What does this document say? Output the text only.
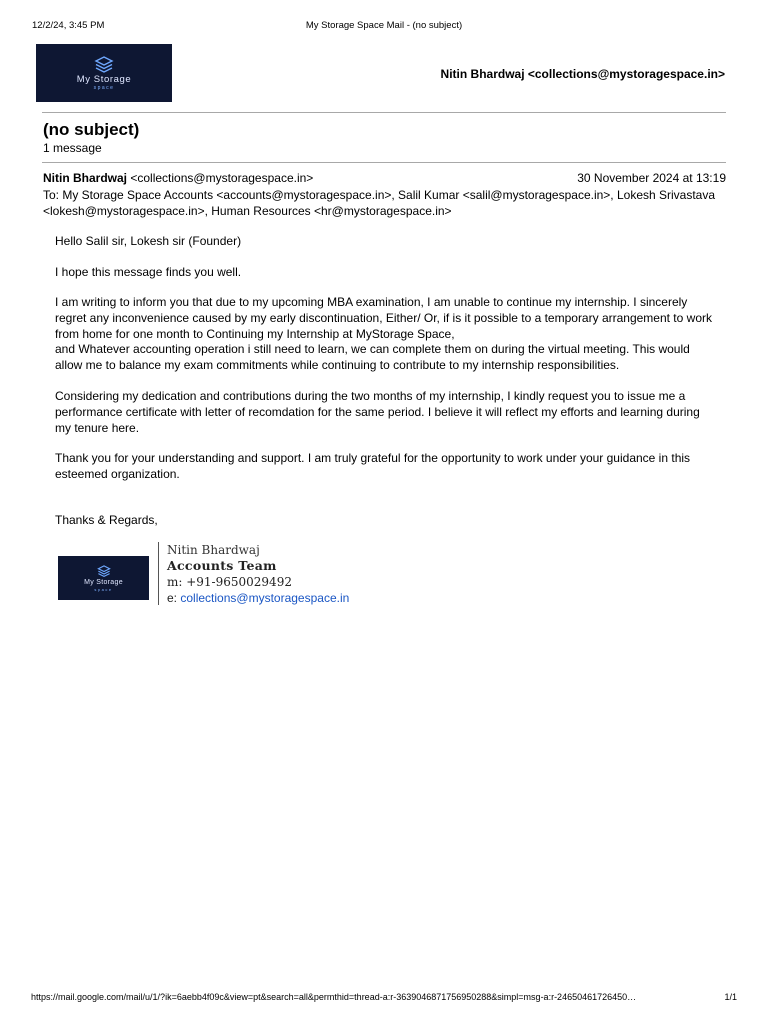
12/2/24, 3:45 PM	My Storage Space Mail - (no subject)
My Storage
space
Nitin Bhardwaj <collections@mystoragespace.in>
(no subject)
1 message
Nitin Bhardwaj <collections@mystoragespace.in>	30 November 2024 at 13:19
To: My Storage Space Accounts <accounts@mystoragespace.in>, Salil Kumar <salil@mystoragespace.in>, Lokesh Srivastava <lokesh@mystoragespace.in>, Human Resources <hr@mystoragespace.in>
Hello Salil sir, Lokesh sir (Founder)
I hope this message finds you well.

I am writing to inform you that due to my upcoming MBA examination, I am unable to continue my internship. I sincerely regret any inconvenience caused by my early discontinuation, Either/ Or, if is it possible to a temporary arrangement to work from home for one month to Continuing my Internship at MyStorage Space,

and Whatever accounting operation i still need to learn, we can complete them on during the virtual meeting. This would allow me to balance my exam commitments while continuing to contribute to my internship responsibilities.

Considering my dedication and contributions during the two months of my internship, I kindly request you to issue me a performance certificate with letter of recomdation for the same period. I believe it will reflect my efforts and learning during my tenure here.
Thank you for your understanding and support. I am truly grateful for the opportunity to work under your guidance in this esteemed organization.
Thanks & Regards,
My Storage
space
Nitin Bhardwaj
Accounts Team
m: +91-9650029492
e: collections@mystoragespace.in
https://mail.google.com/mail/u/1/?ik=6aebb4f09c&view=pt&search=all&permthid=thread-a:r-3639046871756950288&simpl=msg-a:r-24650461726450…	1/1
